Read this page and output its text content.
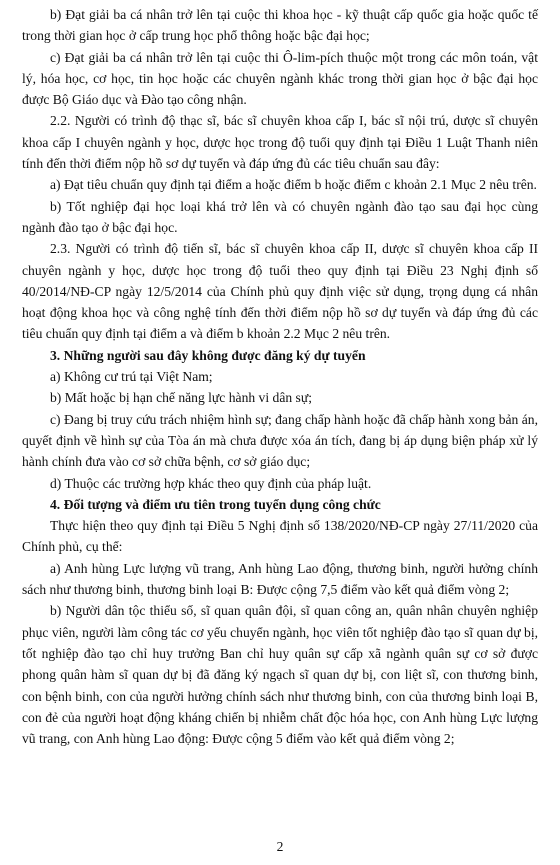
b) Đạt giải ba cá nhân trở lên tại cuộc thi khoa học - kỹ thuật cấp quốc gia hoặc quốc tế trong thời gian học ở cấp trung học phổ thông hoặc bậc đại học;

c) Đạt giải ba cá nhân trở lên tại cuộc thi Ô-lim-pích thuộc một trong các môn toán, vật lý, hóa học, cơ học, tin học hoặc các chuyên ngành khác trong thời gian học ở bậc đại học được Bộ Giáo dục và Đào tạo công nhận.

2.2. Người có trình độ thạc sĩ, bác sĩ chuyên khoa cấp I, bác sĩ nội trú, dược sĩ chuyên khoa cấp I chuyên ngành y học, dược học trong độ tuổi quy định tại Điều 1 Luật Thanh niên tính đến thời điểm nộp hồ sơ dự tuyển và đáp ứng đủ các tiêu chuẩn sau đây:

a) Đạt tiêu chuẩn quy định tại điểm a hoặc điểm b hoặc điểm c khoản 2.1 Mục 2 nêu trên.

b) Tốt nghiệp đại học loại khá trở lên và có chuyên ngành đào tạo sau đại học cùng ngành đào tạo ở bậc đại học.

2.3. Người có trình độ tiến sĩ, bác sĩ chuyên khoa cấp II, dược sĩ chuyên khoa cấp II chuyên ngành y học, dược học trong độ tuổi theo quy định tại Điều 23 Nghị định số 40/2014/NĐ-CP ngày 12/5/2014 của Chính phủ quy định việc sử dụng, trọng dụng cá nhân hoạt động khoa học và công nghệ tính đến thời điểm nộp hồ sơ dự tuyển và đáp ứng đủ các tiêu chuẩn quy định tại điểm a và điểm b khoản 2.2 Mục 2 nêu trên.

3. Những người sau đây không được đăng ký dự tuyển

a) Không cư trú tại Việt Nam;

b) Mất hoặc bị hạn chế năng lực hành vi dân sự;

c) Đang bị truy cứu trách nhiệm hình sự; đang chấp hành hoặc đã chấp hành xong bản án, quyết định về hình sự của Tòa án mà chưa được xóa án tích, đang bị áp dụng biện pháp xử lý hành chính đưa vào cơ sở chữa bệnh, cơ sở giáo dục;

d) Thuộc các trường hợp khác theo quy định của pháp luật.

4. Đối tượng và điểm ưu tiên trong tuyển dụng công chức

Thực hiện theo quy định tại Điều 5 Nghị định số 138/2020/NĐ-CP ngày 27/11/2020 của Chính phủ, cụ thể:

a) Anh hùng Lực lượng vũ trang, Anh hùng Lao động, thương binh, người hưởng chính sách như thương binh, thương binh loại B: Được cộng 7,5 điểm vào kết quả điểm vòng 2;

b) Người dân tộc thiểu số, sĩ quan quân đội, sĩ quan công an, quân nhân chuyên nghiệp phục viên, người làm công tác cơ yếu chuyển ngành, học viên tốt nghiệp đào tạo sĩ quan dự bị, tốt nghiệp đào tạo chỉ huy trưởng Ban chỉ huy quân sự cấp xã ngành quân sự cơ sở được phong quân hàm sĩ quan dự bị đã đăng ký ngạch sĩ quan dự bị, con liệt sĩ, con thương binh, con bệnh binh, con của người hưởng chính sách như thương binh, con của thương binh loại B, con đẻ của người hoạt động kháng chiến bị nhiễm chất độc hóa học, con Anh hùng Lực lượng vũ trang, con Anh hùng Lao động: Được cộng 5 điểm vào kết quả điểm vòng 2;

2
